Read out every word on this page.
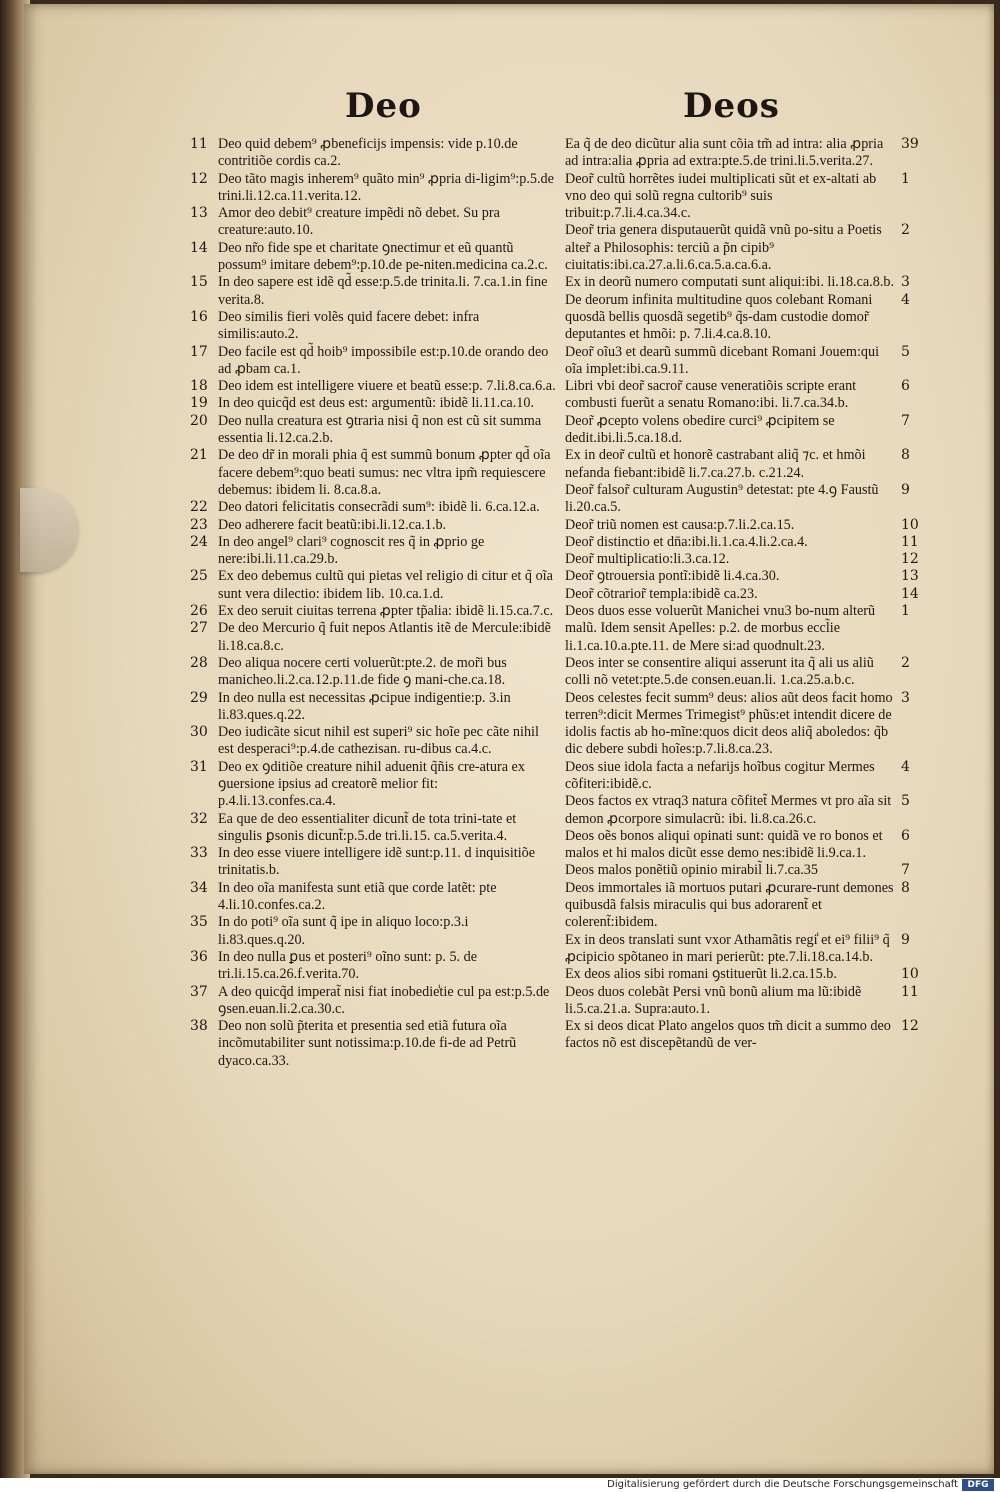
Deo	Deos
11 Deo quid debem⁹ ꝓbeneficijs impensis: vide p.10.de contritiõe cordis ca.2.
12 Deo tãto magis inherem⁹ quãto min⁹ ꝓpria di-ligim⁹:p.5.de trini.li.12.ca.11.verita.12.
13 Amor deo debit⁹ creature impẽdi nõ debet. Su pra creature:auto.10.
14 Deo nr̃o fide spe et charitate ꝯnectimur et eũ quantũ possum⁹ imitare debem⁹:p.10.de pe-niten.medicina ca.2.c.
15 In deo sapere est idẽ qd̃ esse:p.5.de trinita.li. 7.ca.1.in fine verita.8.
16 Deo similis fieri volẽs quid facere debet: infra similis:auto.2.
17 Deo facile est qd̃ hoib⁹ impossibile est:p.10.de orando deo ad ꝓbam ca.1.
18 Deo idem est intelligere viuere et beatũ esse:p. 7.li.8.ca.6.a.
19 In deo quicq̃d est deus est: argumentũ: ibidẽ li.11.ca.10.
20 Deo nulla creatura est ꝯtraria nisi q̃ non est cũ sit summa essentia li.12.ca.2.b.
21 De deo dr̃ in morali phia q̃ est summũ bonum ꝓpter qd̃ oĩa facere debem⁹:quo beati sumus: nec vltra ipm̃ requiescere debemus: ibidem li. 8.ca.8.a.
22 Deo datori felicitatis consecrãdi sum⁹: ibidẽ li. 6.ca.12.a.
23 Deo adherere facit beatũ:ibi.li.12.ca.1.b.
24 In deo angel⁹ clari⁹ cognoscit res q̃ in ꝓprio ge nere:ibi.li.11.ca.29.b.
25 Ex deo debemus cultũ qui pietas vel religio di citur et q̃ oĩa sunt vera dilectio: ibidem lib. 10.ca.1.d.
26 Ex deo seruit ciuitas terrena ꝓpter tp̃alia: ibidẽ li.15.ca.7.c.
27 De deo Mercurio q̃ fuit nepos Atlantis itẽ de Mercule:ibidẽ li.18.ca.8.c.
28 Deo aliqua nocere certi voluerũt:pte.2. de mor̃i bus manicheo.li.2.ca.12.p.11.de fide ꝯ mani-che.ca.18.
29 In deo nulla est necessitas ꝓcipue indigentie:p. 3.in li.83.ques.q.22.
30 Deo iudicãte sicut nihil est superi⁹ sic hoĩe pec cãte nihil est desperaci⁹:p.4.de cathezisan. ru-dibus ca.4.c.
31 Deo ex ꝯditiõe creature nihil aduenit q̃ñis cre-atura ex ꝯuersione ipsius ad creatorẽ melior fit: p.4.li.13.confes.ca.4.
32 Ea que de deo essentialiter dicunt̃ de tota trini-tate et singulis ꝑsonis dicunt̃:p.5.de tri.li.15. ca.5.verita.4.
33 In deo esse viuere intelligere idẽ sunt:p.11. d inquisitiõe trinitatis.b.
34 In deo oĩa manifesta sunt etiã que corde latẽt: pte 4.li.10.confes.ca.2.
35 In do poti⁹ oĩa sunt q̃ ipe in aliquo loco:p.3.i li.83.ques.q.20.
36 In deo nulla ꝑus et posteri⁹ oĩno sunt: p. 5. de tri.li.15.ca.26.f.verita.70.
37 A deo quicq̃d imperat̃ nisi fiat inobedie̾tie cul pa est:p.5.de ꝯsen.euan.li.2.ca.30.c.
38 Deo non solũ p̃terita et presentia sed etiã futura oĩa incõmutabiliter sunt notissima:p.10.de fi-de ad Petrũ dyaco.ca.33.
39
Ea q̃ de deo dicũtur alia sunt cõia tm̃ ad intra: alia ꝓpria ad intra:alia ꝓpria ad extra:pte.5.de trini.li.5.verita.27.
1
Deor̃ cultũ horrẽtes iudei multiplicati sũt et ex-altati ab vno deo qui solũ regna cultorib⁹ suis tribuit:p.7.li.4.ca.34.c.
2
Deor̃ tria genera disputauerũt quidã vnũ po-situ a Poetis alter̃ a Philosophis: terciũ a p̃n cipib⁹ ciuitatis:ibi.ca.27.a.li.6.ca.5.a.ca.6.a.
3
Ex in deorũ numero computati sunt aliqui:ibi. li.18.ca.8.b.
4
De deorum infinita multitudine quos colebant Romani quosdã bellis quosdã segetib⁹ q̃s-dam custodie domor̃ deputantes et hmõi: p. 7.li.4.ca.8.10.
5
Deor̃ oĩu3 et dearũ summũ dicebant Romani Jouem:qui oĩa implet:ibi.ca.9.11.
6
Libri vbi deor̃ sacror̃ cause veneratiõis scripte erant combusti fuerũt a senatu Romano:ibi. li.7.ca.34.b.
7
Deor̃ ꝓcepto volens obedire curci⁹ ꝓcipitem se dedit.ibi.li.5.ca.18.d.
8
Ex in deor̃ cultũ et honorẽ castrabant aliq̃ ⁊c. et hmõi nefanda fiebant:ibidẽ li.7.ca.27.b. c.21.24.
9
Deor̃ falsor̃ culturam Augustin⁹ detestat: pte 4.ꝯ Faustũ li.20.ca.5.
10
Deor̃ triũ nomen est causa:p.7.li.2.ca.15.
11
Deor̃ distinctio et dn̄a:ibi.li.1.ca.4.li.2.ca.4.
12
Deor̃ multiplicatio:li.3.ca.12.
13
Deor̃ ꝯtrouersia pontĩ:ibidẽ li.4.ca.30.
14
Deor̃ cõtrarior̃ templa:ibidẽ ca.23.
1
Deos duos esse voluerũt Manichei vnu3 bo-num alterũ malũ. Idem sensit Apelles: p.2. de morbus eccl̃ie li.1.ca.10.a.pte.11. de Mere si:ad quodnult.23.
2
Deos inter se consentire aliqui asserunt ita q̃ ali us aliũ colli nõ vetet:pte.5.de consen.euan.li. 1.ca.25.a.b.c.
3
Deos celestes fecit summ⁹ deus: alios aũt deos facit homo terren⁹:dicit Mermes Trimegist⁹ phũs:et intendit dicere de idolis factis ab ho-mĩne:quos dicit deos aliq̃ aboledos: q̃b dic debere subdi hoĩes:p.7.li.8.ca.23.
4
Deos siue idola facta a nefarijs hoĩbus cogitur Mermes cõfiteri:ibidẽ.c.
5
Deos factos ex vtraq3 natura cõfitet̃ Mermes vt pro aĩa sit demon ꝓcorpore simulacrũ: ibi. li.8.ca.26.c.
6
Deos oẽs bonos aliqui opinati sunt: quidã ve ro bonos et malos et hi malos dicũt esse demo nes:ibidẽ li.9.ca.1.
7
Deos malos ponẽtiũ opinio mirabil̃ li.7.ca.35
8
Deos immortales iã mortuos putari ꝓcurare-runt demones quibusdã falsis miraculis qui bus adorarent̃ et colerent̃:ibidem.
9
Ex in deos translati sunt vxor Athamãtis regi̾ et ei⁹ filii⁹ q̃ ꝓcipicio spõtaneo in mari perierũt: pte.7.li.18.ca.14.b.
10
Ex deos alios sibi romani ꝯstituerũt li.2.ca.15.b.
11
Deos duos colebãt Persi vnũ bonũ alium ma lũ:ibidẽ li.5.ca.21.a. Supra:auto.1.
12
Ex si deos dicat Plato angelos quos tm̃ dicit a summo deo factos nõ est discepẽtandũ de ver-
Digitalisierung gefördert durch die Deutsche Forschungsgemeinschaft	DFG
